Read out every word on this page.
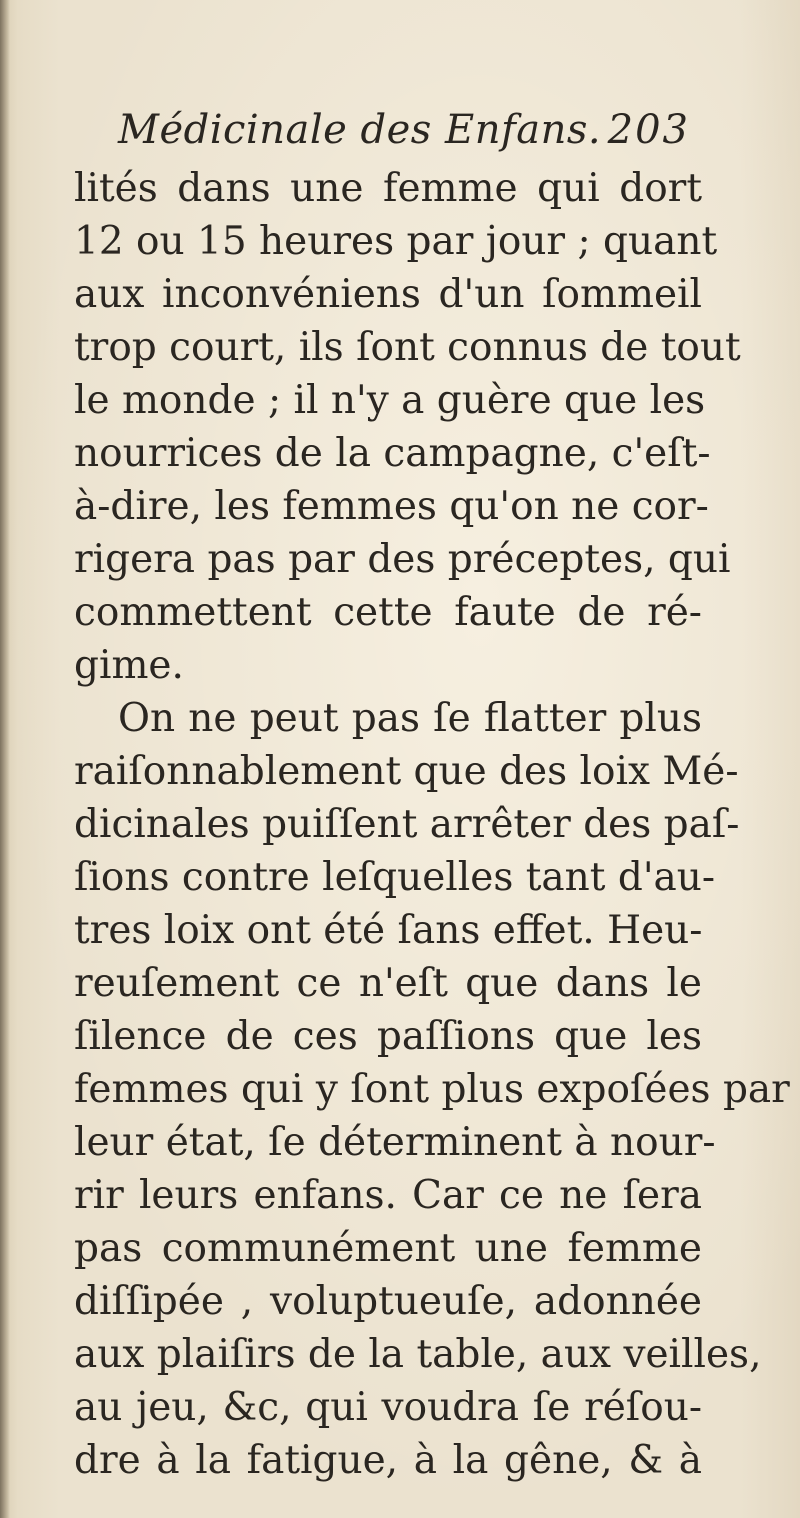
Médicinale des Enfans. 203
lités dans une femme qui dort
12 ou 15 heures par jour ; quant
aux inconvéniens d'un ſommeil
trop court, ils ſont connus de tout
le monde ; il n'y a guère que les
nourrices de la campagne, c'eſt-
à-dire, les femmes qu'on ne cor-
rigera pas par des préceptes, qui
commettent cette faute de ré-
gime.
On ne peut pas ſe flatter plus
raiſonnablement que des loix Mé-
dicinales puiſſent arrêter des paſ-
ſions contre leſquelles tant d'au-
tres loix ont été ſans effet. Heu-
reuſement ce n'eſt que dans le
ſilence de ces paſſions que les
femmes qui y ſont plus expoſées par
leur état, ſe déterminent à nour-
rir leurs enfans. Car ce ne ſera
pas communément une femme
diſſipée , voluptueuſe, adonnée
aux plaiſirs de la table, aux veilles,
au jeu, &c, qui voudra ſe réſou-
dre à la fatigue, à la gêne, & à
